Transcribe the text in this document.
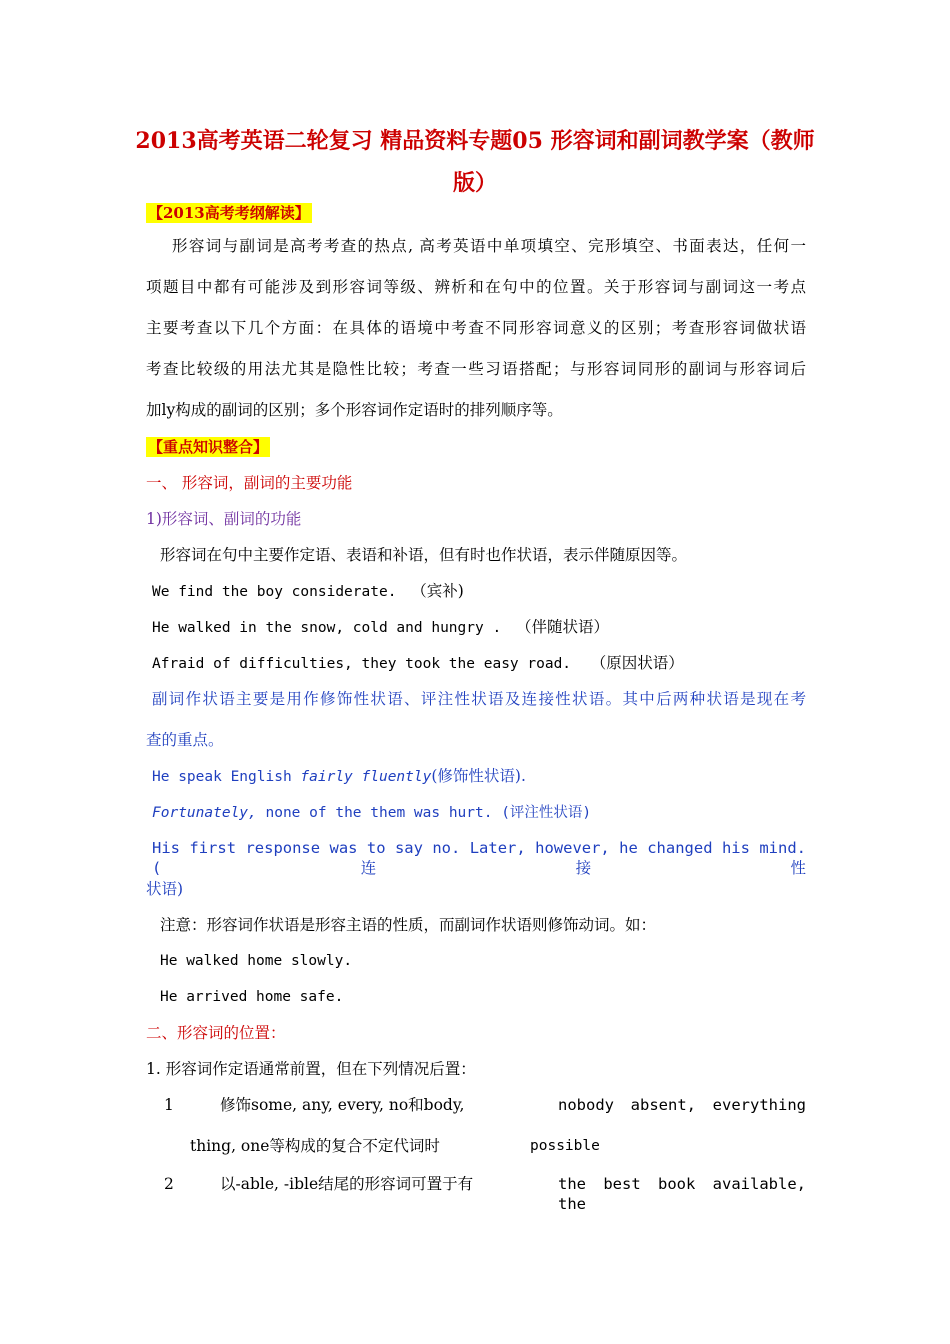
2013高考英语二轮复习 精品资料专题05 形容词和副词教学案（教师版）
【2013高考考纲解读】
形容词与副词是高考考查的热点, 高考英语中单项填空、完形填空、书面表达，任何一
项题目中都有可能涉及到形容词等级、辨析和在句中的位置。关于形容词与副词这一考点
主要考查以下几个方面：在具体的语境中考查不同形容词意义的区别；考查形容词做状语
考查比较级的用法尤其是隐性比较；考查一些习语搭配；与形容词同形的副词与形容词后
加ly构成的副词的区别；多个形容词作定语时的排列顺序等。
【重点知识整合】
一、 形容词，副词的主要功能
1)形容词、副词的功能
形容词在句中主要作定语、表语和补语，但有时也作状语，表示伴随原因等。
We find the boy considerate. （宾补)
He walked in the snow, cold and hungry . （伴随状语）
Afraid of difficulties, they took the easy road. （原因状语）
副词作状语主要是用作修饰性状语、评注性状语及连接性状语。其中后两种状语是现在考
查的重点。
He speak English fairly fluently(修饰性状语).
Fortunately, none of the them was hurt. (评注性状语)
His first response was to say no. Later, however, he changed his mind. (连接性
状语)
注意：形容词作状语是形容主语的性质，而副词作状语则修饰动词。如：
He walked home slowly.
He arrived home safe.
二、形容词的位置：
1. 形容词作定语通常前置，但在下列情况后置：
1	修饰some, any, every, no和body,	nobody absent, everything
thing, one等构成的复合不定代词时	possible
2	以-able, -ible结尾的形容词可置于有	the best book available, the
